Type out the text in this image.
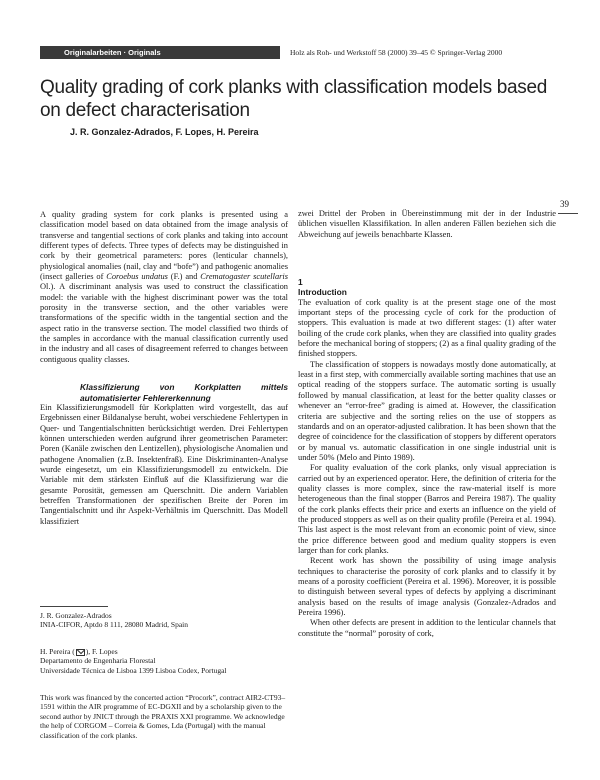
Originalarbeiten · Originals	Holz als Roh- und Werkstoff 58 (2000) 39–45 © Springer-Verlag 2000
Quality grading of cork planks with classification models based on defect characterisation
J. R. Gonzalez-Adrados, F. Lopes, H. Pereira
39

A quality grading system for cork planks is presented using a classification model based on data obtained from the image analysis of transverse and tangential sections of cork planks and taking into account different types of defects. Three types of defects may be distinguished in cork by their geometrical parameters: pores (lenticular channels), physiological anomalies (nail, clay and “bofe”) and pathogenic anomalies (insect galleries of Coroebus undatus (F.) and Crematogaster scutellaris Ol.). A discriminant analysis was used to construct the classification model: the variable with the highest discriminant power was the total porosity in the transverse section, and the other variables were transformations of the specific width in the tangential section and the aspect ratio in the transverse section. The model classified two thirds of the samples in accordance with the manual classification currently used in the industry and all cases of disagreement referred to changes between contiguous quality classes.

Klassifizierung von Korkplatten mittels automatisierter Fehlererkennung

Ein Klassifizierungsmodell für Korkplatten wird vorgestellt, das auf Ergebnissen einer Bildanalyse beruht, wobei verschiedene Fehlertypen in Quer- und Tangentialschnitten berücksichtigt werden. Drei Fehlertypen können unterschieden werden aufgrund ihrer geometrischen Parameter: Poren (Kanäle zwischen den Lentizellen), physiologische Anomalien und pathogene Anomalien (z.B. Insektenfraß). Eine Diskriminanten-Analyse wurde eingesetzt, um ein Klassifizierungsmodell zu entwickeln. Die Variable mit dem stärksten Einfluß auf die Klassifizierung war die gesamte Porosität, gemessen am Querschnitt. Die andern Variablen betreffen Transformationen der spezifischen Breite der Poren im Tangentialschnitt und ihr Aspekt-Verhältnis im Querschnitt. Das Modell klassifiziert

zwei Drittel der Proben in Übereinstimmung mit der in der Industrie üblichen visuellen Klassifikation. In allen anderen Fällen beziehen sich die Abweichung auf jeweils benachbarte Klassen.

1
Introduction

The evaluation of cork quality is at the present stage one of the most important steps of the processing cycle of cork for the production of stoppers. This evaluation is made at two different stages: (1) after water boiling of the crude cork planks, when they are classified into quality grades before the mechanical boring of stoppers; (2) as a final quality grading of the finished stoppers.

The classification of stoppers is nowadays mostly done automatically, at least in a first step, with commercially available sorting machines that use an optical reading of the stoppers surface. The automatic sorting is usually followed by manual classification, at least for the better quality classes or whenever an “error-free” grading is aimed at. However, the classification criteria are subjective and the sorting relies on the use of stoppers as standards and on an operator-adjusted calibration. It has been shown that the degree of coincidence for the classification of stoppers by different operators or by manual vs. automatic classification in one single industrial unit is under 50% (Melo and Pinto 1989).

For quality evaluation of the cork planks, only visual appreciation is carried out by an experienced operator. Here, the definition of criteria for the quality classes is more complex, since the raw-material itself is more heterogeneous than the final stopper (Barros and Pereira 1987). The quality of the cork planks effects their price and exerts an influence on the yield of the produced stoppers as well as on their quality profile (Pereira et al. 1994). This last aspect is the most relevant from an economic point of view, since the price difference between good and medium quality stoppers is even larger than for cork planks.

Recent work has shown the possibility of using image analysis techniques to characterise the porosity of cork planks and to classify it by means of a porosity coefficient (Pereira et al. 1996). Moreover, it is possible to distinguish between several types of defects by applying a discriminant analysis based on the results of image analysis (Gonzalez-Adrados and Pereira 1996).

When other defects are present in addition to the lenticular channels that constitute the “normal” porosity of cork,

J. R. Gonzalez-Adrados
INIA-CIFOR, Aptdo 8 111, 28080 Madrid, Spain
H. Pereira ( ), F. Lopes
Departamento de Engenharia Florestal
Universidade Técnica de Lisboa 1399 Lisboa Codex, Portugal
This work was financed by the concerted action “Procork”, contract AIR2-CT93–1591 within the AIR programme of EC-DGXII and by a scholarship given to the second author by JNICT through the PRAXIS XXI programme. We acknowledge the help of CORGOM – Correia & Gomes, Lda (Portugal) with the manual classification of the cork planks.
